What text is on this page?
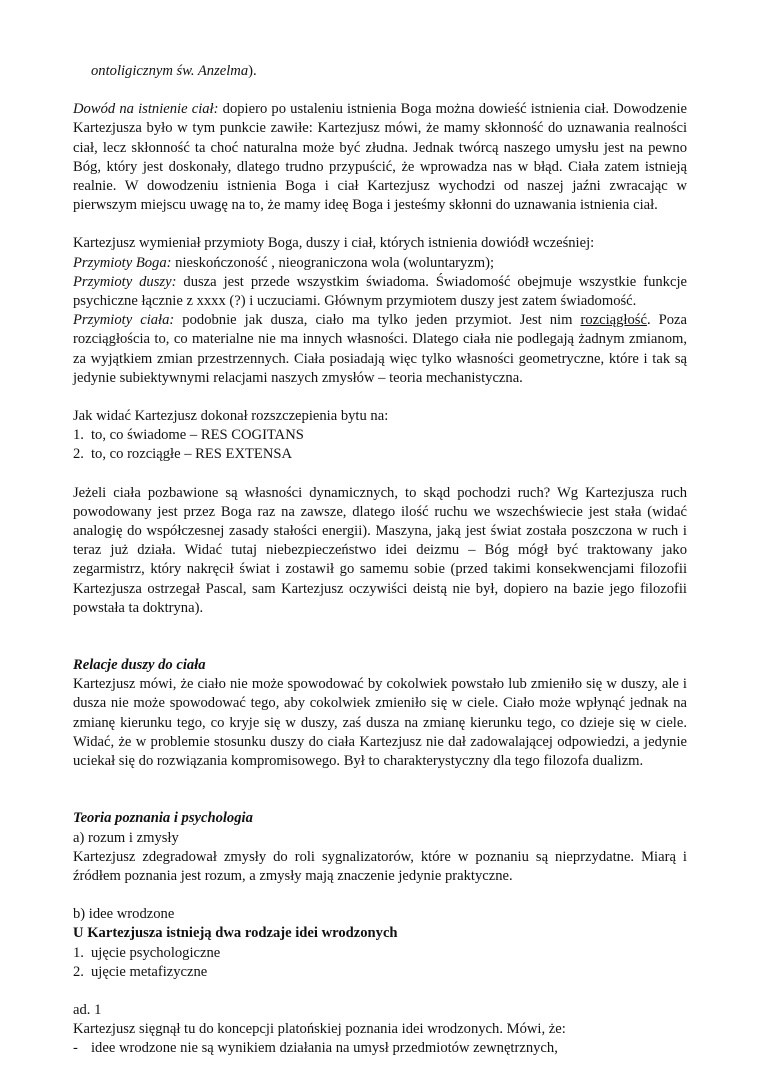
ontoligicznym św. Anzelma).

Dowód na istnienie ciał: dopiero po ustaleniu istnienia Boga można dowieść istnienia ciał. Dowodzenie Kartezjusza było w tym punkcie zawiłe: Kartezjusz mówi, że mamy skłonność do uznawania realności ciał, lecz skłonność ta choć naturalna może być złudna. Jednak twórcą naszego umysłu jest na pewno Bóg, który jest doskonały, dlatego trudno przypuścić, że wprowadza nas w błąd. Ciała zatem istnieją realnie. W dowodzeniu istnienia Boga i ciał Kartezjusz wychodzi od naszej jaźni zwracając w pierwszym miejscu uwagę na to, że mamy ideę Boga i jesteśmy skłonni do uznawania istnienia ciał.

Kartezjusz wymieniał przymioty Boga, duszy i ciał, których istnienia dowiódł wcześniej:

Przymioty Boga: nieskończoność , nieograniczona wola (woluntaryzm);

Przymioty duszy: dusza jest przede wszystkim świadoma. Świadomość obejmuje wszystkie funkcje psychiczne łącznie z xxxx (?) i uczuciami. Głównym przymiotem duszy jest zatem świadomość.

Przymioty ciała: podobnie jak dusza, ciało ma tylko jeden przymiot. Jest nim rozciągłość. Poza rozciągłościa to, co materialne nie ma innych własności. Dlatego ciała nie podlegają żadnym zmianom, za wyjątkiem zmian przestrzennych. Ciała posiadają więc tylko własności geometryczne, które i tak są jedynie subiektywnymi relacjami naszych zmysłów – teoria mechanistyczna.

Jak widać Kartezjusz dokonał rozszczepienia bytu na:

1. to, co świadome – RES COGITANS
2. to, co rozciągłe – RES EXTENSA

Jeżeli ciała pozbawione są własności dynamicznych, to skąd pochodzi ruch? Wg Kartezjusza ruch powodowany jest przez Boga raz na zawsze, dlatego ilość ruchu we wszechświecie jest stała (widać analogię do współczesnej zasady stałości energii). Maszyna, jaką jest świat została poszczona w ruch i teraz już działa. Widać tutaj niebezpieczeństwo idei deizmu – Bóg mógł być traktowany jako zegarmistrz, który nakręcił świat i zostawił go samemu sobie (przed takimi konsekwencjami filozofii Kartezjusza ostrzegał Pascal, sam Kartezjusz oczywiści deistą nie był, dopiero na bazie jego filozofii powstała ta doktryna).

Relacje duszy do ciała

Kartezjusz mówi, że ciało nie może spowodować by cokolwiek powstało lub zmieniło się w duszy, ale i dusza nie może spowodować tego, aby cokolwiek zmieniło się w ciele. Ciało może wpłynąć jednak na zmianę kierunku tego, co kryje się w duszy, zaś dusza na zmianę kierunku tego, co dzieje się w ciele. Widać, że w problemie stosunku duszy do ciała Kartezjusz nie dał zadowalającej odpowiedzi, a jedynie uciekał się do rozwiązania kompromisowego. Był to charakterystyczny dla tego filozofa dualizm.

Teoria poznania i psychologia

a) rozum i zmysły

Kartezjusz zdegradował zmysły do roli sygnalizatorów, które w poznaniu są nieprzydatne. Miarą i źródłem poznania jest rozum, a zmysły mają znaczenie jedynie praktyczne.

b) idee wrodzone

U Kartezjusza istnieją dwa rodzaje idei wrodzonych

1. ujęcie psychologiczne
2. ujęcie metafizyczne

ad. 1

Kartezjusz sięgnął tu do koncepcji platońskiej poznania idei wrodzonych. Mówi, że:

- idee wrodzone nie są wynikiem działania na umysł przedmiotów zewnętrznych,
